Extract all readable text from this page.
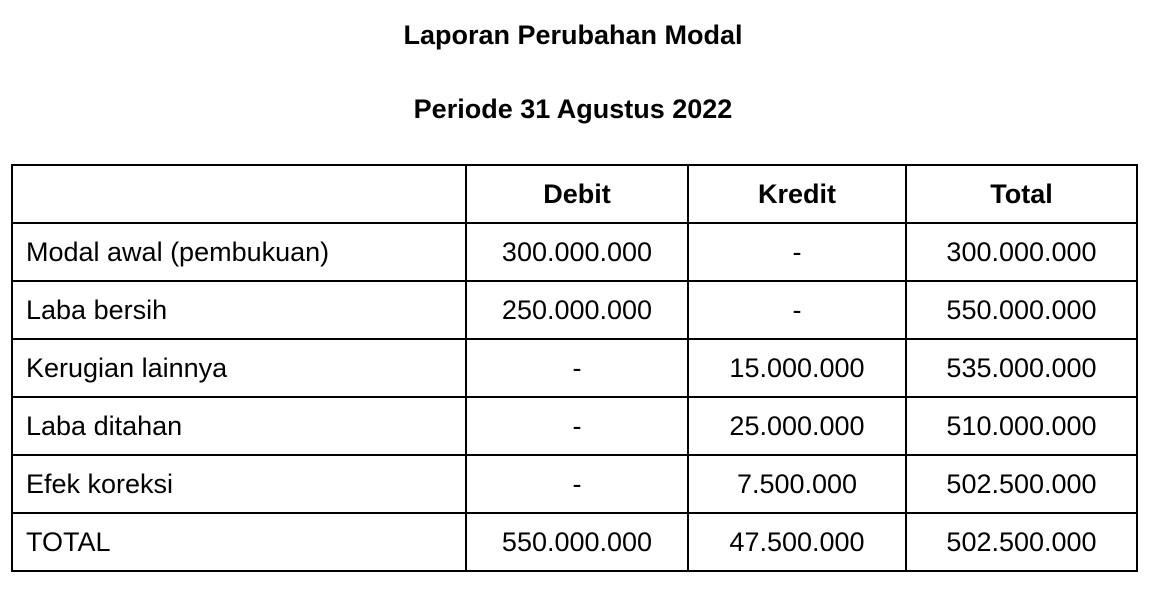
Laporan Perubahan Modal
Periode 31 Agustus 2022
	Debit	Kredit	Total
Modal awal (pembukuan)	300.000.000	-	300.000.000
Laba bersih	250.000.000	-	550.000.000
Kerugian lainnya	-	15.000.000	535.000.000
Laba ditahan	-	25.000.000	510.000.000
Efek koreksi	-	7.500.000	502.500.000
TOTAL	550.000.000	47.500.000	502.500.000
